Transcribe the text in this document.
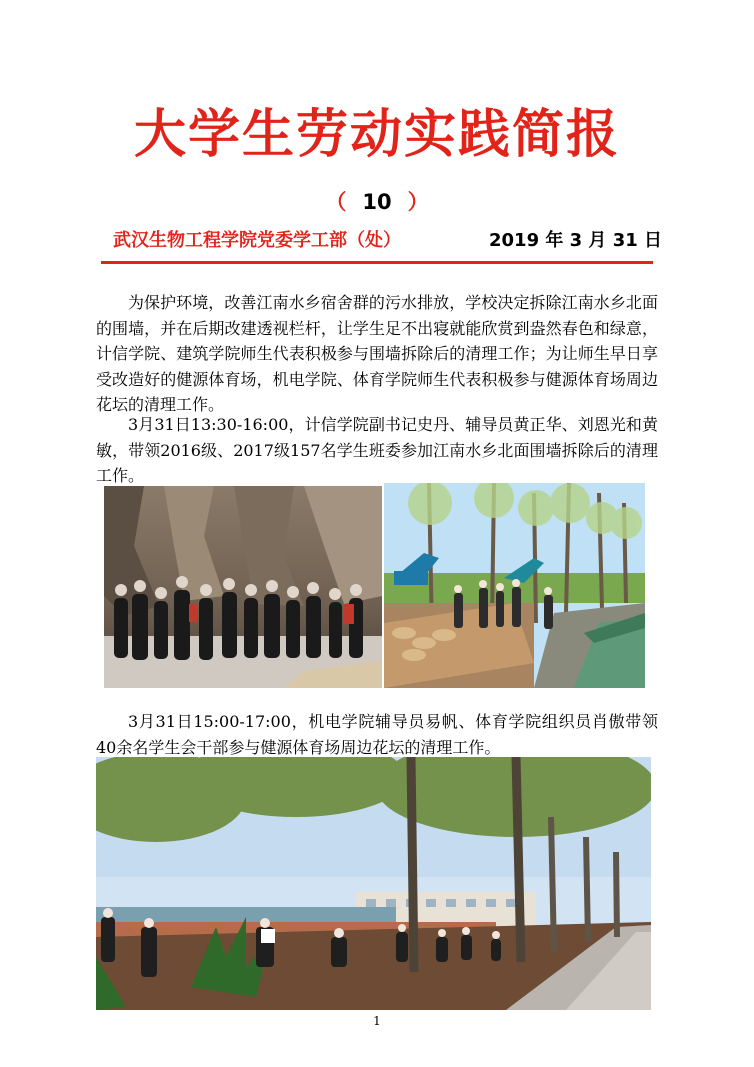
大学生劳动实践简报
（ 10 ）
武汉生物工程学院党委学工部（处）	2019 年 3 月 31 日

为保护环境，改善江南水乡宿舍群的污水排放，学校决定拆除江南水乡北面的围墙，并在后期改建透视栏杆，让学生足不出寝就能欣赏到盎然春色和绿意，计信学院、建筑学院师生代表积极参与围墙拆除后的清理工作；为让师生早日享受改造好的健源体育场，机电学院、体育学院师生代表积极参与健源体育场周边花坛的清理工作。

3月31日13:30-16:00，计信学院副书记史丹、辅导员黄正华、刘恩光和黄敏，带领2016级、2017级157名学生班委参加江南水乡北面围墙拆除后的清理工作。

3月31日15:00-17:00，机电学院辅导员易帆、体育学院组织员肖傲带领40余名学生会干部参与健源体育场周边花坛的清理工作。

1
